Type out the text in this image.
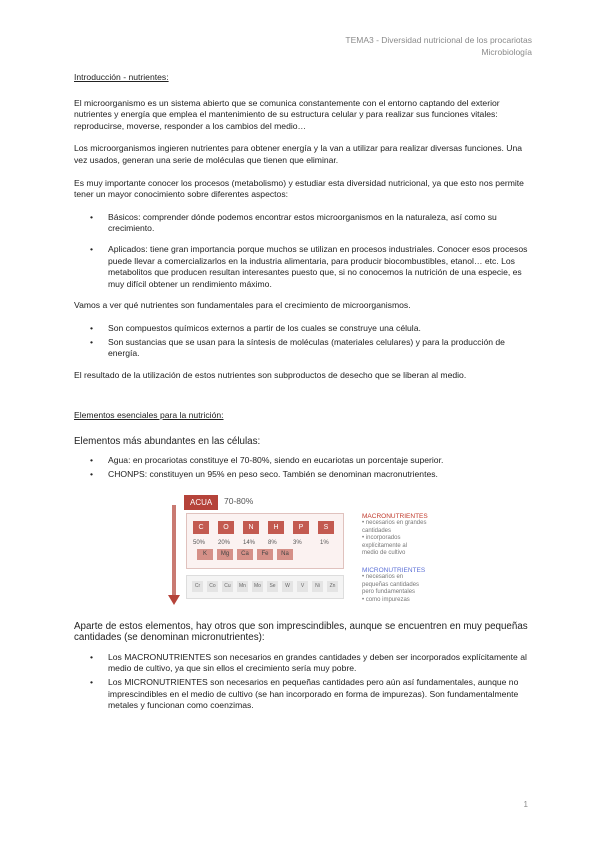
TEMA3 - Diversidad nutricional de los procariotas
Microbiología
Introducción - nutrientes:

El microorganismo es un sistema abierto que se comunica constantemente con el entorno captando del exterior nutrientes y energía que emplea el mantenimiento de su estructura celular y para realizar sus funciones vitales: reproducirse, moverse, responder a los cambios del medio…

Los microorganismos ingieren nutrientes para obtener energía y la van a utilizar para realizar diversas funciones. Una vez usados, generan una serie de moléculas que tienen que eliminar.

Es muy importante conocer los procesos (metabolismo) y estudiar esta diversidad nutricional, ya que esto nos permite tener un mayor conocimiento sobre diferentes aspectos:

• Básicos: comprender dónde podemos encontrar estos microorganismos en la naturaleza, así como su crecimiento.
• Aplicados: tiene gran importancia porque muchos se utilizan en procesos industriales. Conocer esos procesos puede llevar a comercializarlos en la industria alimentaria, para producir biocombustibles, etanol… etc. Los metabolitos que producen resultan interesantes puesto que, si no conocemos la nutrición de una especie, es muy difícil obtener un rendimiento máximo.

Vamos a ver qué nutrientes son fundamentales para el crecimiento de microorganismos.

• Son compuestos químicos externos a partir de los cuales se construye una célula.
• Son sustancias que se usan para la síntesis de moléculas (materiales celulares) y para la producción de energía.

El resultado de la utilización de estos nutrientes son subproductos de desecho que se liberan al medio.

Elementos esenciales para la nutrición:
Elementos más abundantes en las células:
• Agua: en procariotas constituye el 70-80%, siendo en eucariotas un porcentaje superior.
• CHONPS: constituyen un 95% en peso seco. También se denominan macronutrientes.
ACUA	70-80%
C	O	N	H	P	S
50% 20% 14% 8%	3%	1%
K	Mg	Ca	Fe	Na
Cr	Co	Cu	Mn	Mo	Se	W	V	Ni	Zn
MACRONUTRIENTES
• necesarios en grandes
cantidades
• incorporados
explícitamente al
medio de cultivo
MICRONUTRIENTES
• necesarios en
pequeñas cantidades
pero fundamentales
• como impurezas

Aparte de estos elementos, hay otros que son imprescindibles, aunque se encuentren en muy pequeñas cantidades (se denominan micronutrientes):

• Los MACRONUTRIENTES son necesarios en grandes cantidades y deben ser incorporados explícitamente al medio de cultivo, ya que sin ellos el crecimiento sería muy pobre.
• Los MICRONUTRIENTES son necesarios en pequeñas cantidades pero aún así fundamentales, aunque no imprescindibles en el medio de cultivo (se han incorporado en forma de impurezas). Son fundamentalmente metales y funcionan como coenzimas.
1
